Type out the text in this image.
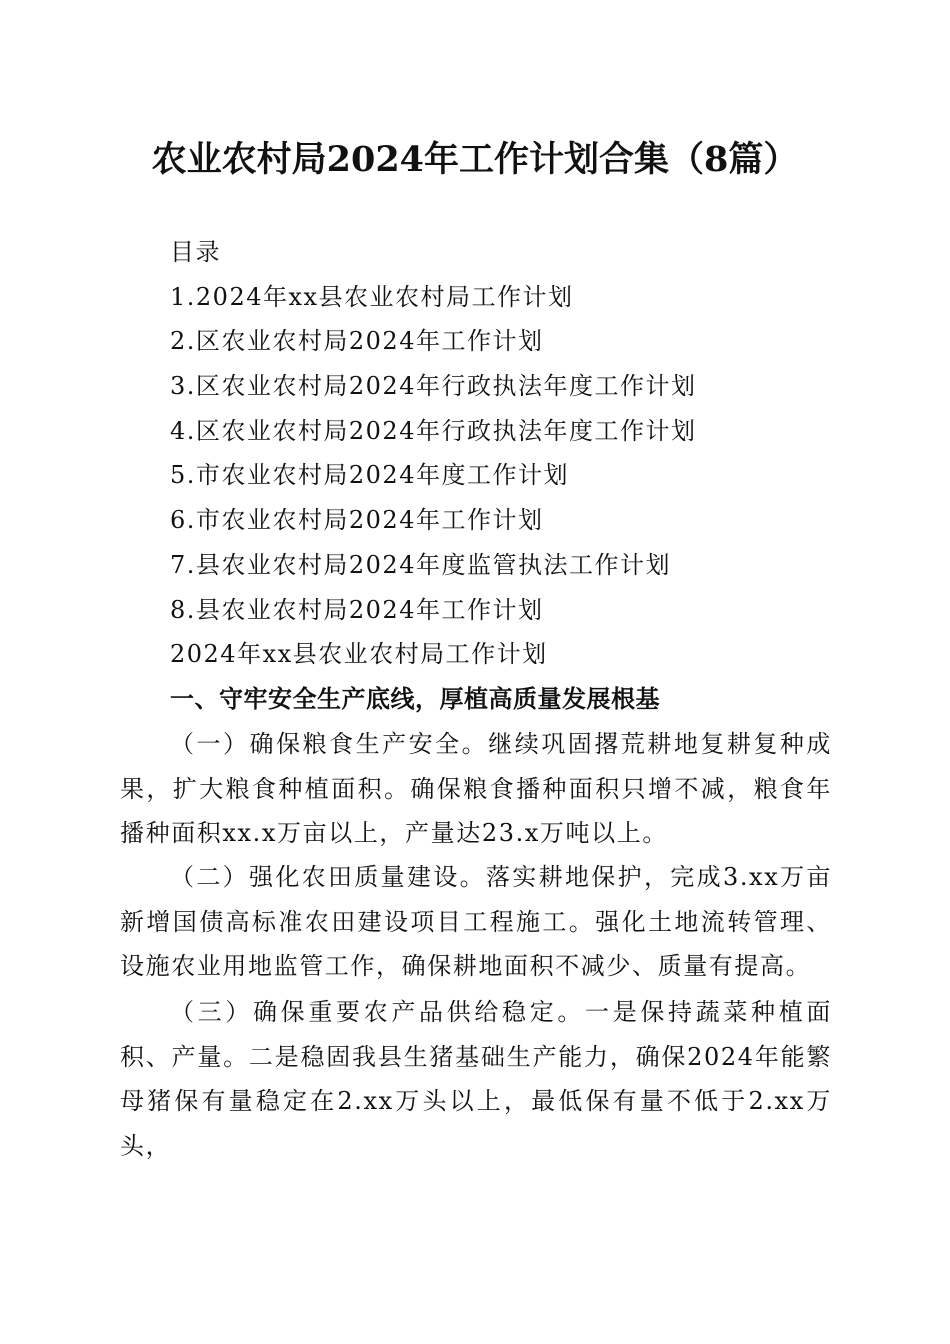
农业农村局2024年工作计划合集（8篇）
目录
1.2024年xx县农业农村局工作计划
2.区农业农村局2024年工作计划
3.区农业农村局2024年行政执法年度工作计划
4.区农业农村局2024年行政执法年度工作计划
5.市农业农村局2024年度工作计划
6.市农业农村局2024年工作计划
7.县农业农村局2024年度监管执法工作计划
8.县农业农村局2024年工作计划
2024年xx县农业农村局工作计划
一、守牢安全生产底线，厚植高质量发展根基
（一）确保粮食生产安全。继续巩固撂荒耕地复耕复种成果，扩大粮食种植面积。确保粮食播种面积只增不减，粮食年播种面积xx.x万亩以上，产量达23.x万吨以上。
（二）强化农田质量建设。落实耕地保护，完成3.xx万亩新增国债高标准农田建设项目工程施工。强化土地流转管理、设施农业用地监管工作，确保耕地面积不减少、质量有提高。
（三）确保重要农产品供给稳定。一是保持蔬菜种植面积、产量。二是稳固我县生猪基础生产能力，确保2024年能繁母猪保有量稳定在2.xx万头以上，最低保有量不低于2.xx万头，
